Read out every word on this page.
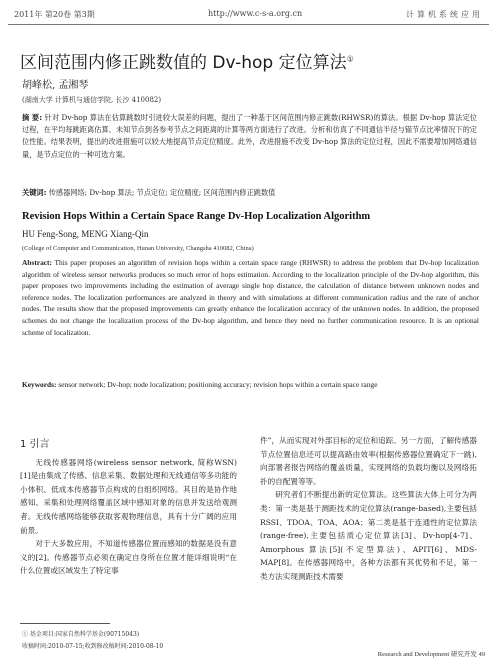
2011年 第20卷 第3期	http://www.c-s-a.org.cn	计算机系统应用
区间范围内修正跳数值的 Dv-hop 定位算法①
胡峰松, 孟湘琴
(湖南大学 计算机与通信学院, 长沙 410082)
摘 要: 针对 Dv-hop 算法在估算跳数时引进较大误差的问题，提出了一种基于区间范围内修正跳数(RHWSR)的算法。根据 Dv-hop 算法定位过程，在平均每跳距离估算、未知节点到各参考节点之间距离的计算等两方面进行了改进。分析和仿真了不同通信半径与锚节点比率情况下的定位性能。结果表明，提出的改进措施可以较大地提高节点定位精度。此外，改进措施不改变 Dv-hop 算法的定位过程，因此不需要增加网络通信量，是节点定位的一种可选方案。
关键词: 传感器网络; Dv-hop 算法; 节点定位; 定位精度; 区间范围内修正跳数值
Revision Hops Within a Certain Space Range Dv-Hop Localization Algorithm
HU Feng-Song, MENG Xiang-Qin
(College of Computer and Communication, Hunan University, Changsha 410082, China)
Abstract: This paper proposes an algorithm of revision hops within a certain space range (RHWSR) to address the problem that Dv-hop localization algorithm of wireless sensor networks produces so much error of hops estimation. According to the localization principle of the Dv-hop algorithm, this paper proposes two improvements including the estimation of average single hop distance, the calculation of distance between unknown nodes and reference nodes. The localization performances are analyzed in theory and with simulations at different communication radius and the rate of anchor nodes. The results show that the proposed improvements can greatly enhance the localization accuracy of the unknown nodes. In addition, the proposed schemes do not change the localization process of the Dv-hop algorithm, and hence they need no further communication resource. It is an optional scheme of localization.
Keywords: sensor network; Dv-hop; node localization; positioning accuracy; revision hops within a certain space range
1 引言

无线传感器网络(wireless sensor network, 简称WSN)[1]是由集成了传感、信息采集、数据处理和无线通信等多功能的小体积、低成本传感器节点构成的自组织网络。其目的是协作地感知、采集和处理网络覆盖区域中感知对象的信息并发送给观测者。无线传感网络能够获取客观物理信息，具有十分广阔的应用前景。

对于大多数应用，不知道传感器位置而感知的数据是没有意义的[2]。传感器节点必须在确定自身所在位置才能详细说明“在什么位置或区域发生了特定事

件”，从而实现对外部目标的定位和追踪。另一方面，了解传感器节点位置信息还可以提高路由效率(根据传感器位置确定下一跳),向部署者报告网络的覆盖质量，实现网络的负载均衡以及网络拓扑的自配置等等。

研究者们不断提出新的定位算法。这些算法大体上可分为两类：第一类是基于测距技术的定位算法(range-based),主要包括 RSSI、TDOA、TOA、AOA；第二类是基于连通性的定位算法(range-free),主要包括质心定位算法[3]、Dv-hop[4-7]、Amorphous 算法[5](不定型算法)、APIT[6]、MDS-MAP[8]。在传感器网络中，各种方法都有其优势和不足，第一类方法实现测距技术需要

① 基金项目:国家自然科学基金(90715043)
收稿时间:2010-07-15;收到修改稿时间:2010-08-10
Research and Development 研究开发 49
